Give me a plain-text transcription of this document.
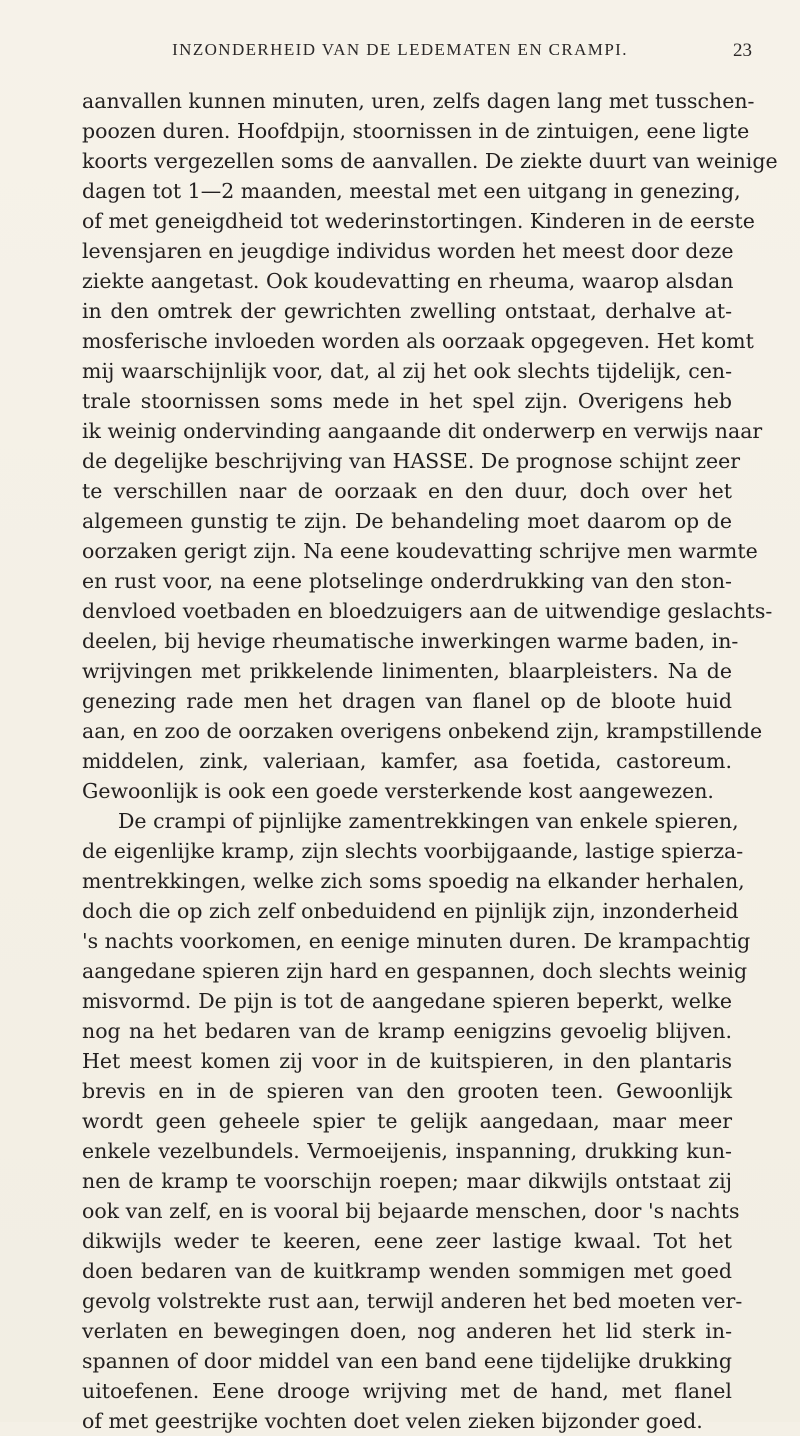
INZONDERHEID VAN DE LEDEMATEN EN CRAMPI.	23
aanvallen kunnen minuten, uren, zelfs dagen lang met tusschen-
poozen duren. Hoofdpijn, stoornissen in de zintuigen, eene ligte
koorts vergezellen soms de aanvallen. De ziekte duurt van weinige
dagen tot 1—2 maanden, meestal met een uitgang in genezing,
of met geneigdheid tot wederinstortingen. Kinderen in de eerste
levensjaren en jeugdige individus worden het meest door deze
ziekte aangetast. Ook koudevatting en rheuma, waarop alsdan
in den omtrek der gewrichten zwelling ontstaat, derhalve at-
mosferische invloeden worden als oorzaak opgegeven. Het komt
mij waarschijnlijk voor, dat, al zij het ook slechts tijdelijk, cen-
trale stoornissen soms mede in het spel zijn. Overigens heb
ik weinig ondervinding aangaande dit onderwerp en verwijs naar
de degelijke beschrijving van HASSE. De prognose schijnt zeer
te verschillen naar de oorzaak en den duur, doch over het
algemeen gunstig te zijn. De behandeling moet daarom op de
oorzaken gerigt zijn. Na eene koudevatting schrijve men warmte
en rust voor, na eene plotselinge onderdrukking van den ston-
denvloed voetbaden en bloedzuigers aan de uitwendige geslachts-
deelen, bij hevige rheumatische inwerkingen warme baden, in-
wrijvingen met prikkelende linimenten, blaarpleisters. Na de
genezing rade men het dragen van flanel op de bloote huid
aan, en zoo de oorzaken overigens onbekend zijn, krampstillende
middelen, zink, valeriaan, kamfer, asa foetida, castoreum.
Gewoonlijk is ook een goede versterkende kost aangewezen.
De crampi of pijnlijke zamentrekkingen van enkele spieren,
de eigenlijke kramp, zijn slechts voorbijgaande, lastige spierza-
mentrekkingen, welke zich soms spoedig na elkander herhalen,
doch die op zich zelf onbeduidend en pijnlijk zijn, inzonderheid
's nachts voorkomen, en eenige minuten duren. De krampachtig
aangedane spieren zijn hard en gespannen, doch slechts weinig
misvormd. De pijn is tot de aangedane spieren beperkt, welke
nog na het bedaren van de kramp eenigzins gevoelig blijven.
Het meest komen zij voor in de kuitspieren, in den plantaris
brevis en in de spieren van den grooten teen. Gewoonlijk
wordt geen geheele spier te gelijk aangedaan, maar meer
enkele vezelbundels. Vermoeijenis, inspanning, drukking kun-
nen de kramp te voorschijn roepen; maar dikwijls ontstaat zij
ook van zelf, en is vooral bij bejaarde menschen, door 's nachts
dikwijls weder te keeren, eene zeer lastige kwaal. Tot het
doen bedaren van de kuitkramp wenden sommigen met goed
gevolg volstrekte rust aan, terwijl anderen het bed moeten ver-
verlaten en bewegingen doen, nog anderen het lid sterk in-
spannen of door middel van een band eene tijdelijke drukking
uitoefenen. Eene drooge wrijving met de hand, met flanel
of met geestrijke vochten doet velen zieken bijzonder goed.
